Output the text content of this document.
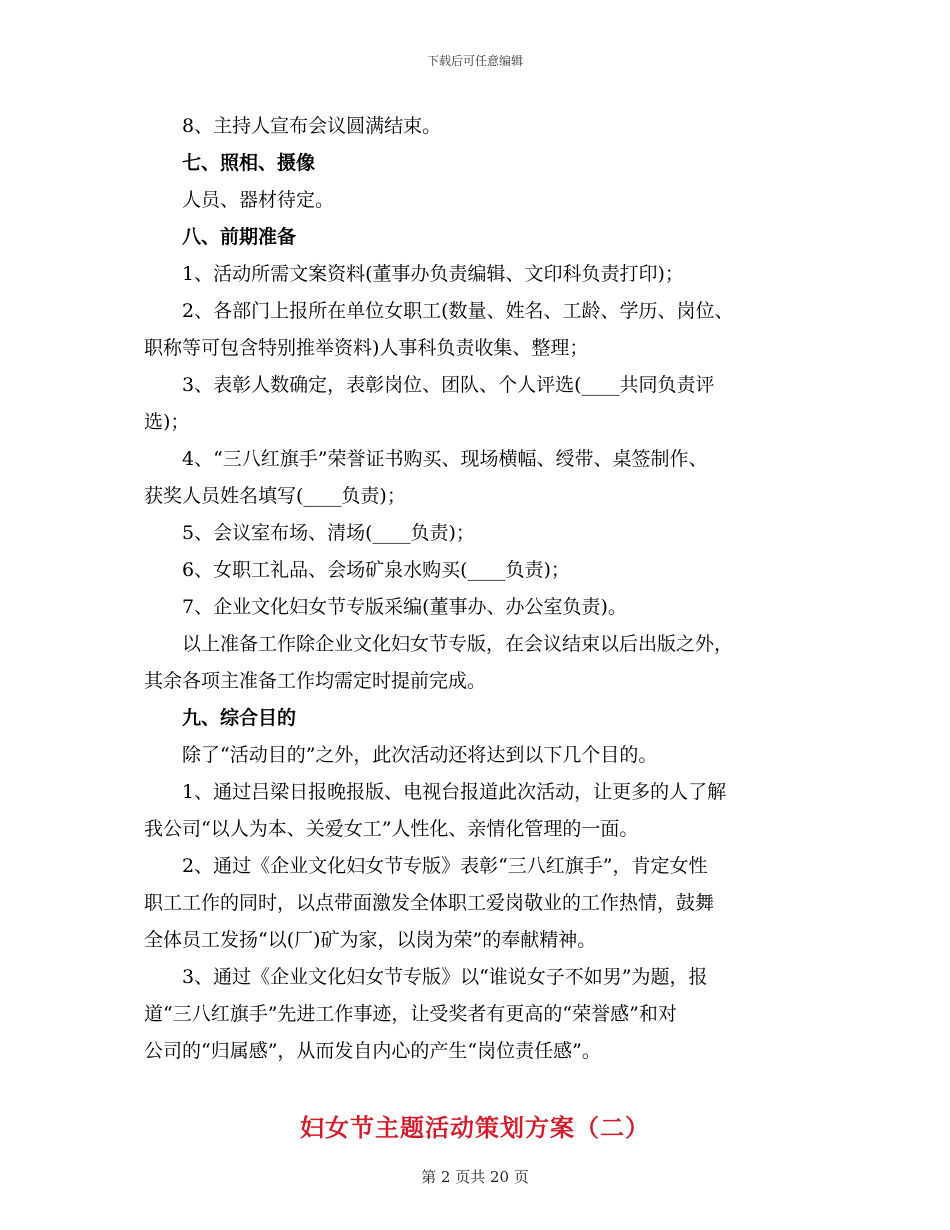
下载后可任意编辑

8、主持人宣布会议圆满结束。

七、照相、摄像

人员、器材待定。

八、前期准备

1、活动所需文案资料(董事办负责编辑、文印科负责打印)；

2、各部门上报所在单位女职工(数量、姓名、工龄、学历、岗位、

职称等可包含特别推举资料)人事科负责收集、整理；

3、表彰人数确定，表彰岗位、团队、个人评选(____共同负责评

选)；

4、“三八红旗手”荣誉证书购买、现场横幅、绶带、桌签制作、

获奖人员姓名填写(____负责)；

5、会议室布场、清场(____负责)；

6、女职工礼品、会场矿泉水购买(____负责)；

7、企业文化妇女节专版采编(董事办、办公室负责)。

以上准备工作除企业文化妇女节专版，在会议结束以后出版之外，

其余各项主准备工作均需定时提前完成。

九、综合目的

除了“活动目的”之外，此次活动还将达到以下几个目的。

1、通过吕梁日报晚报版、电视台报道此次活动，让更多的人了解

我公司“以人为本、关爱女工”人性化、亲情化管理的一面。

2、通过《企业文化妇女节专版》表彰“三八红旗手”，肯定女性

职工工作的同时，以点带面激发全体职工爱岗敬业的工作热情，鼓舞

全体员工发扬“以(厂)矿为家，以岗为荣”的奉献精神。

3、通过《企业文化妇女节专版》以“谁说女子不如男”为题，报

道“三八红旗手”先进工作事迹，让受奖者有更高的“荣誉感”和对

公司的“归属感”，从而发自内心的产生“岗位责任感”。

妇女节主题活动策划方案（二）
第 2 页共 20 页
